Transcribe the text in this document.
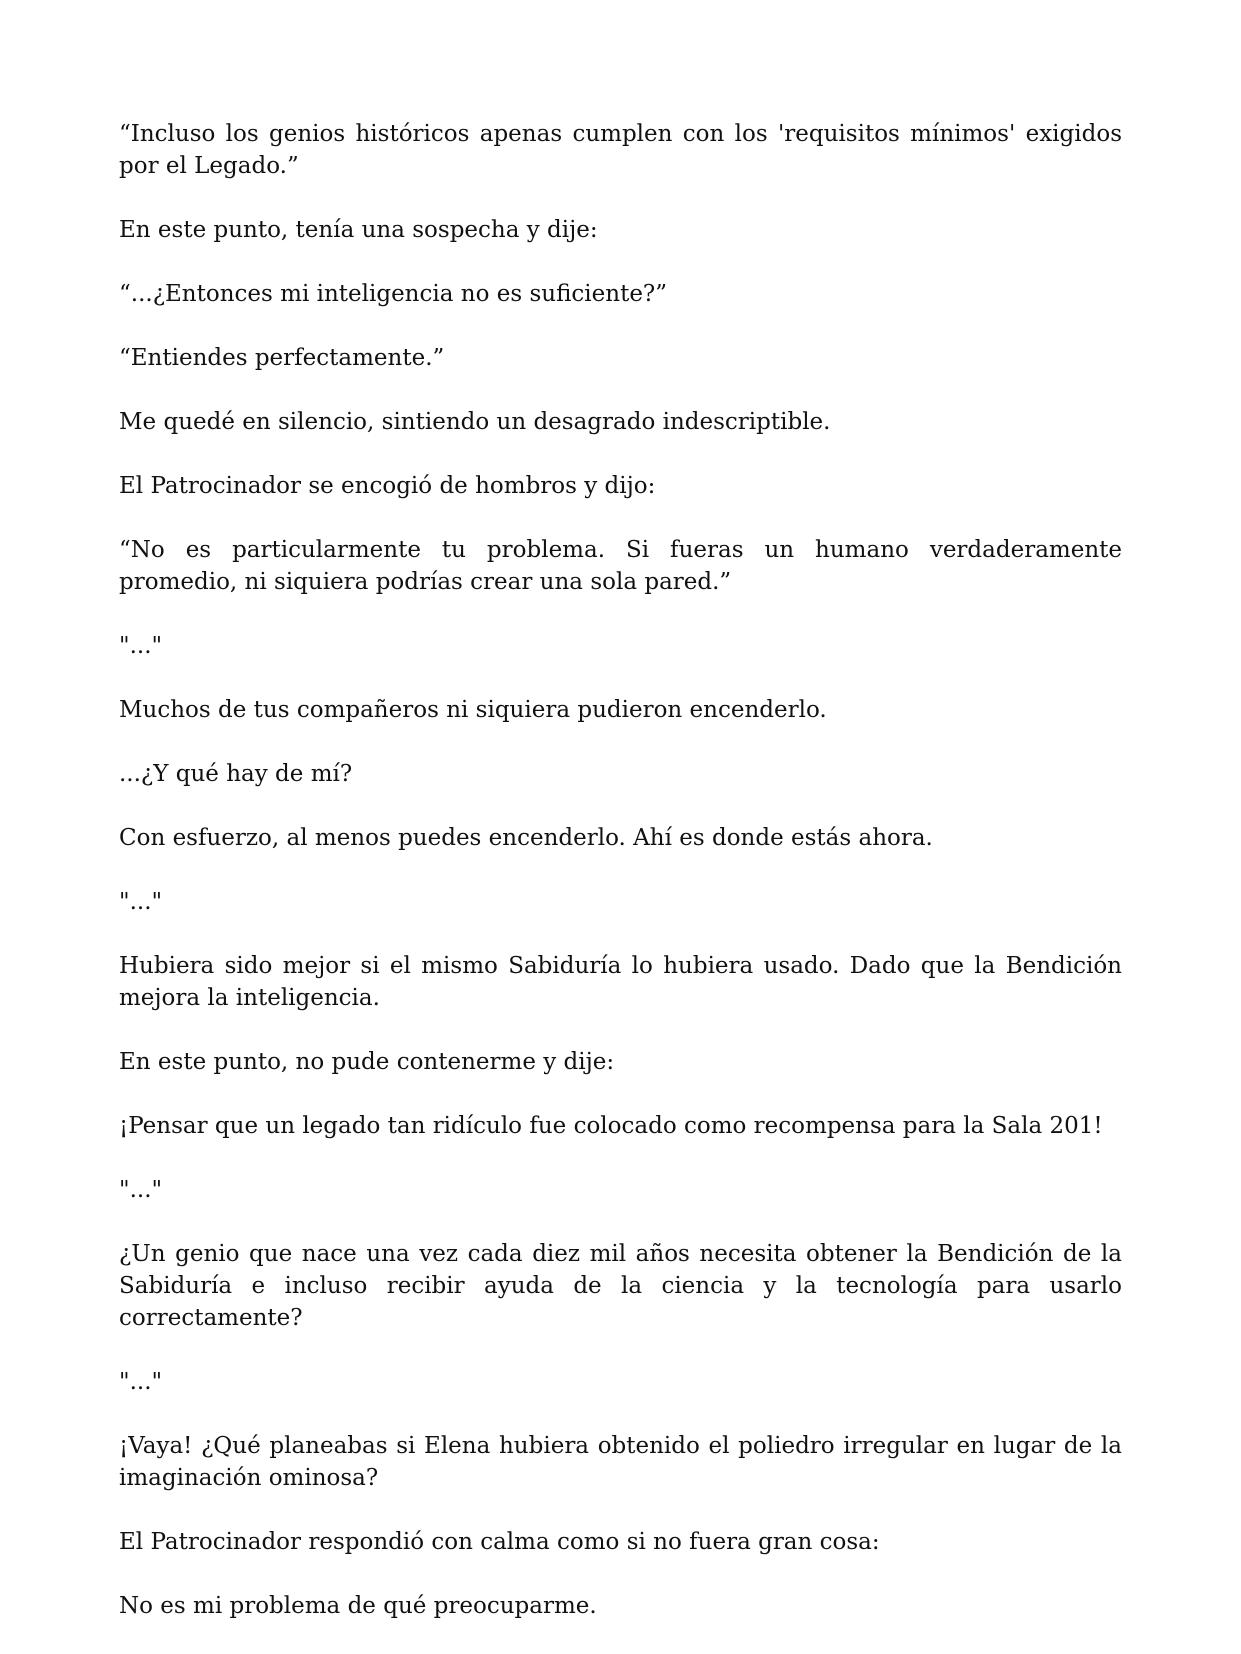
“Incluso los genios históricos apenas cumplen con los 'requisitos mínimos' exigidos por el Legado.”

En este punto, tenía una sospecha y dije:

“...¿Entonces mi inteligencia no es suficiente?”

“Entiendes perfectamente.”

Me quedé en silencio, sintiendo un desagrado indescriptible.

El Patrocinador se encogió de hombros y dijo:

“No es particularmente tu problema. Si fueras un humano verdaderamente promedio, ni siquiera podrías crear una sola pared.”

"..."

Muchos de tus compañeros ni siquiera pudieron encenderlo.

...¿Y qué hay de mí?

Con esfuerzo, al menos puedes encenderlo. Ahí es donde estás ahora.

"..."

Hubiera sido mejor si el mismo Sabiduría lo hubiera usado. Dado que la Bendición mejora la inteligencia.

En este punto, no pude contenerme y dije:

¡Pensar que un legado tan ridículo fue colocado como recompensa para la Sala 201!

"..."

¿Un genio que nace una vez cada diez mil años necesita obtener la Bendición de la Sabiduría e incluso recibir ayuda de la ciencia y la tecnología para usarlo correctamente?

"..."

¡Vaya! ¿Qué planeabas si Elena hubiera obtenido el poliedro irregular en lugar de la imaginación ominosa?

El Patrocinador respondió con calma como si no fuera gran cosa:

No es mi problema de qué preocuparme.
